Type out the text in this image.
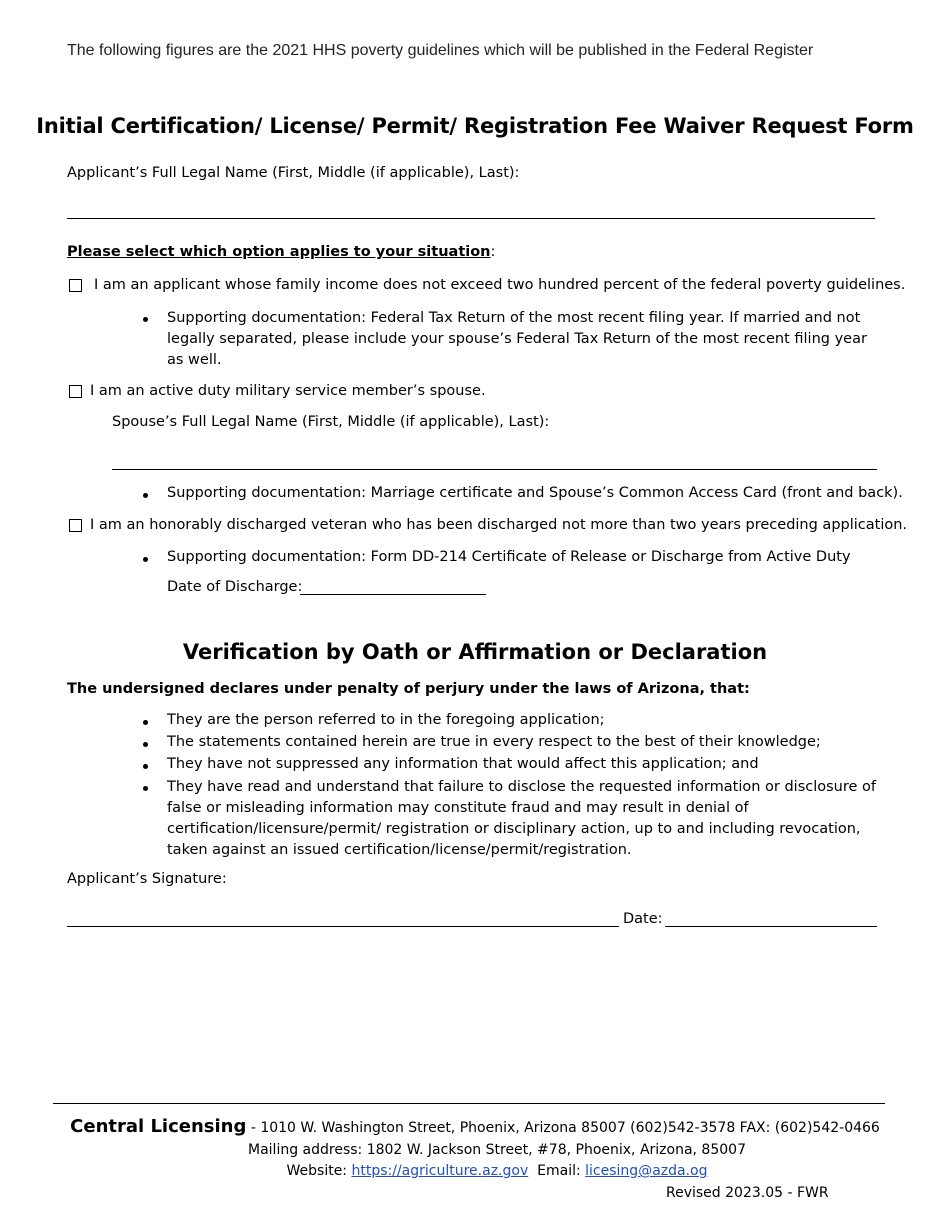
The following figures are the 2021 HHS poverty guidelines which will be published in the Federal Register
Initial Certification/ License/ Permit/ Registration Fee Waiver Request Form
Applicant’s Full Legal Name (First, Middle (if applicable), Last):
Please select which option applies to your situation:
I am an applicant whose family income does not exceed two hundred percent of the federal poverty guidelines.
Supporting documentation: Federal Tax Return of the most recent filing year. If married and not legally separated, please include your spouse’s Federal Tax Return of the most recent filing year as well.
I am an active duty military service member’s spouse.
Spouse’s Full Legal Name (First, Middle (if applicable), Last):
Supporting documentation: Marriage certificate and Spouse’s Common Access Card (front and back).
I am an honorably discharged veteran who has been discharged not more than two years preceding application.
Supporting documentation: Form DD-214 Certificate of Release or Discharge from Active Duty
Date of Discharge:
Verification by Oath or Affirmation or Declaration
The undersigned declares under penalty of perjury under the laws of Arizona, that:
They are the person referred to in the foregoing application;
The statements contained herein are true in every respect to the best of their knowledge;
They have not suppressed any information that would affect this application; and
They have read and understand that failure to disclose the requested information or disclosure of false or misleading information may constitute fraud and may result in denial of certification/licensure/permit/ registration or disciplinary action, up to and including revocation, taken against an issued certification/license/permit/registration.
Applicant’s Signature:
Date:
Central Licensing - 1010 W. Washington Street, Phoenix, Arizona 85007 (602)542-3578 FAX: (602)542-0466
Mailing address: 1802 W. Jackson Street, #78, Phoenix, Arizona, 85007
Website: https://agriculture.az.gov  Email: licesing@azda.og
Revised 2023.05 - FWR
